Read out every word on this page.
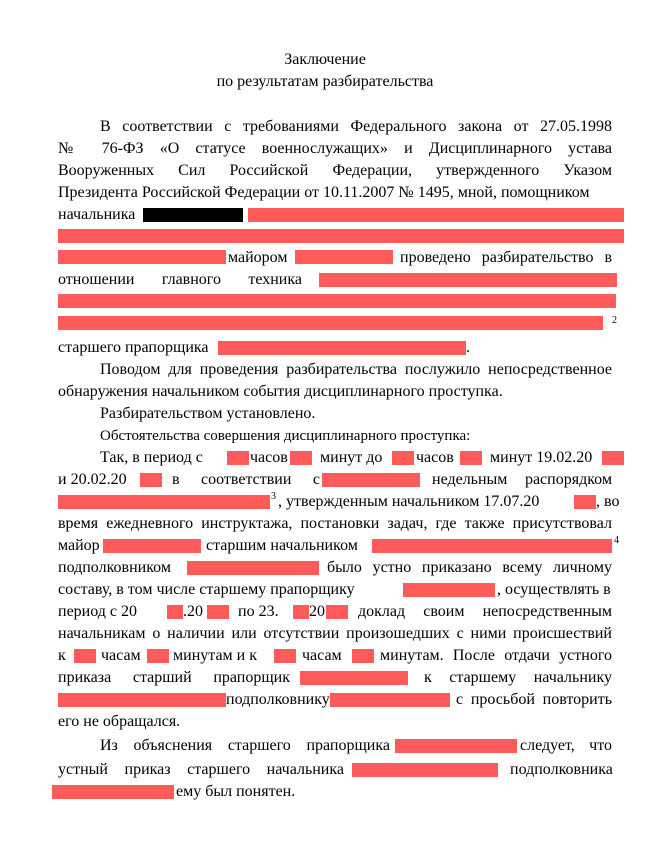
Заключение
по результатам разбирательства
В соответствии с требованиями Федерального закона от 27.05.1998
№ 76-ФЗ «О статусе военнослужащих» и Дисциплинарного устава
Вооруженных Сил Российской Федерации, утвержденного Указом
Президента Российской Федерации от 10.11.2007 № 1495, мной, помощником
начальника
майором	проведено разбирательство в
отношении главного техника
2
старшего прапорщика	.
Поводом для проведения разбирательства послужило непосредственное
обнаружения начальником события дисциплинарного проступка.
Разбирательством установлено.
Обстоятельства совершения дисциплинарного проступка:
Так, в период с	часов минут до часов минут 19.02.20
и 20.02.20	в соответствии с	недельным распорядком
3 , утвержденным начальником 17.07.20	, во
время ежедневного инструктажа, постановки задач, где также присутствовал
майор	старшим начальником	4
подполковником	было устно приказано всему личному
составу, в том числе старшему прапорщику	, осуществлять в
период с 20	.20 по 23. 20 доклад своим непосредственным
начальникам о наличии или отсутствии произошедших с ними происшествий
к часам минутам и к	часам минутам. После отдачи устного
приказа старший прапорщик	к старшему начальнику
подполковнику	с просьбой повторить
его не обращался.
Из объяснения старшего прапорщика	следует, что
устный приказ старшего начальника	подполковника
ему был понятен.
